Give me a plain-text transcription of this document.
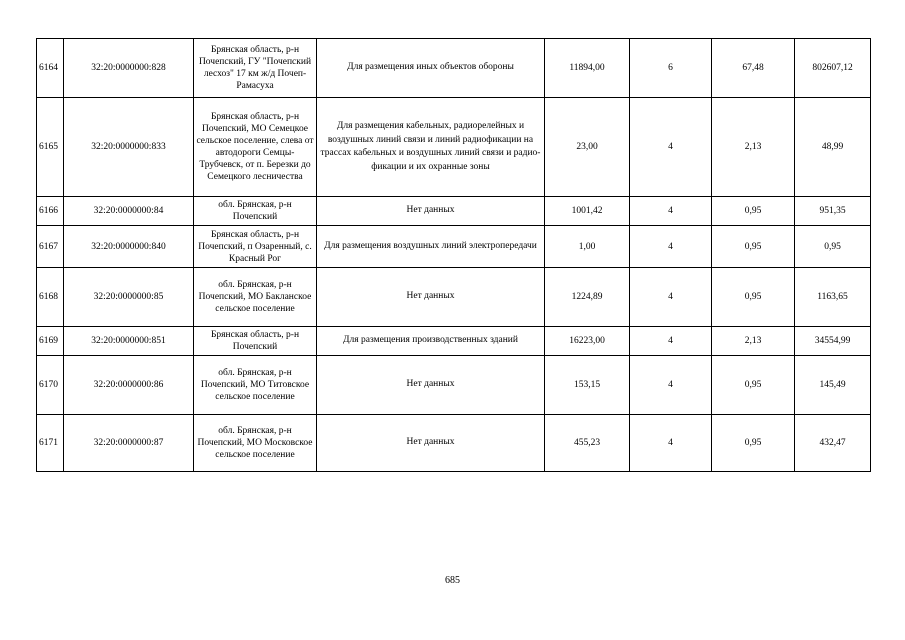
6164	32:20:0000000:828	Брянская область, р-н Почепский, ГУ "Почепский лесхоз" 17 км ж/д Почеп-Рамасуха	Для размещения иных объектов обороны	11894,00	6	67,48	802607,12
6165	32:20:0000000:833	Брянская область, р-н Почепский, МО Семецкое сельское поселение, слева от автодороги Семцы-Трубчевск, от п. Березки до Семецкого лесничества	Для размещения кабельных, радиорелейных и воздушных линий связи и линий радиофикации на трассах кабельных и воздушных линий связи и радио-фикации и их охранные зоны	23,00	4	2,13	48,99
6166	32:20:0000000:84	обл. Брянская, р-н Почепский	Нет данных	1001,42	4	0,95	951,35
6167	32:20:0000000:840	Брянская область, р-н Почепский, п Озаренный, с. Красный Рог	Для размещения воздушных линий электропередачи	1,00	4	0,95	0,95
6168	32:20:0000000:85	обл. Брянская, р-н Почепский, МО Бакланское сельское поселение	Нет данных	1224,89	4	0,95	1163,65
6169	32:20:0000000:851	Брянская область, р-н Почепский	Для размещения производственных зданий	16223,00	4	2,13	34554,99
6170	32:20:0000000:86	обл. Брянская, р-н Почепский, МО Титовское сельское поселение	Нет данных	153,15	4	0,95	145,49
6171	32:20:0000000:87	обл. Брянская, р-н Почепский, МО Московское сельское поселение	Нет данных	455,23	4	0,95	432,47
685
